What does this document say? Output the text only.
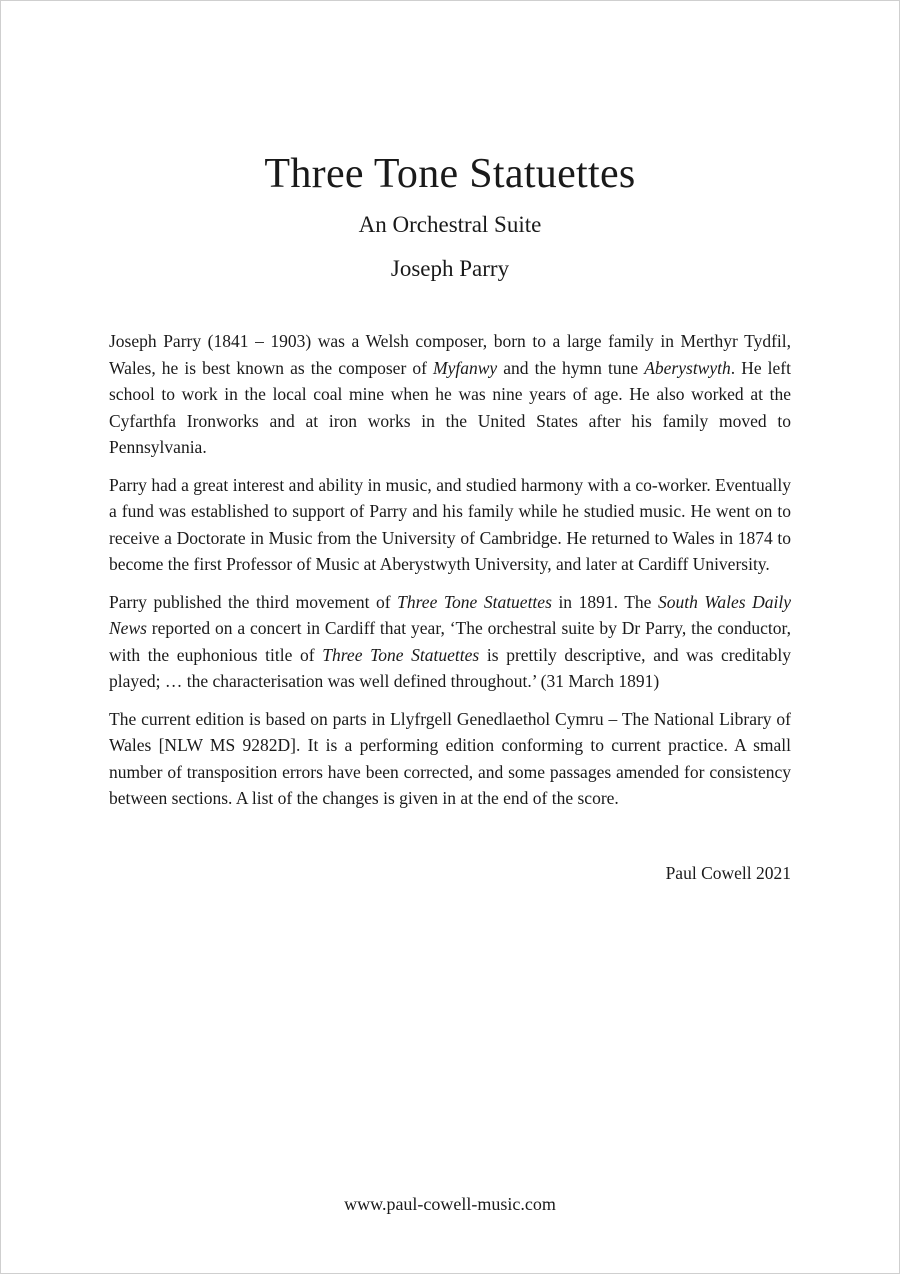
Three Tone Statuettes
An Orchestral Suite
Joseph Parry

Joseph Parry (1841 – 1903) was a Welsh composer, born to a large family in Merthyr Tydfil, Wales, he is best known as the composer of Myfanwy and the hymn tune Aberystwyth. He left school to work in the local coal mine when he was nine years of age. He also worked at the Cyfarthfa Ironworks and at iron works in the United States after his family moved to Pennsylvania.

Parry had a great interest and ability in music, and studied harmony with a co-worker. Eventually a fund was established to support of Parry and his family while he studied music. He went on to receive a Doctorate in Music from the University of Cambridge. He returned to Wales in 1874 to become the first Professor of Music at Aberystwyth University, and later at Cardiff University.

Parry published the third movement of Three Tone Statuettes in 1891. The South Wales Daily News reported on a concert in Cardiff that year, ‘The orchestral suite by Dr Parry, the conductor, with the euphonious title of Three Tone Statuettes is prettily descriptive, and was creditably played; … the characterisation was well defined throughout.’ (31 March 1891)

The current edition is based on parts in Llyfrgell Genedlaethol Cymru – The National Library of Wales [NLW MS 9282D]. It is a performing edition conforming to current practice. A small number of transposition errors have been corrected, and some passages amended for consistency between sections. A list of the changes is given in at the end of the score.

Paul Cowell 2021
www.paul-cowell-music.com
